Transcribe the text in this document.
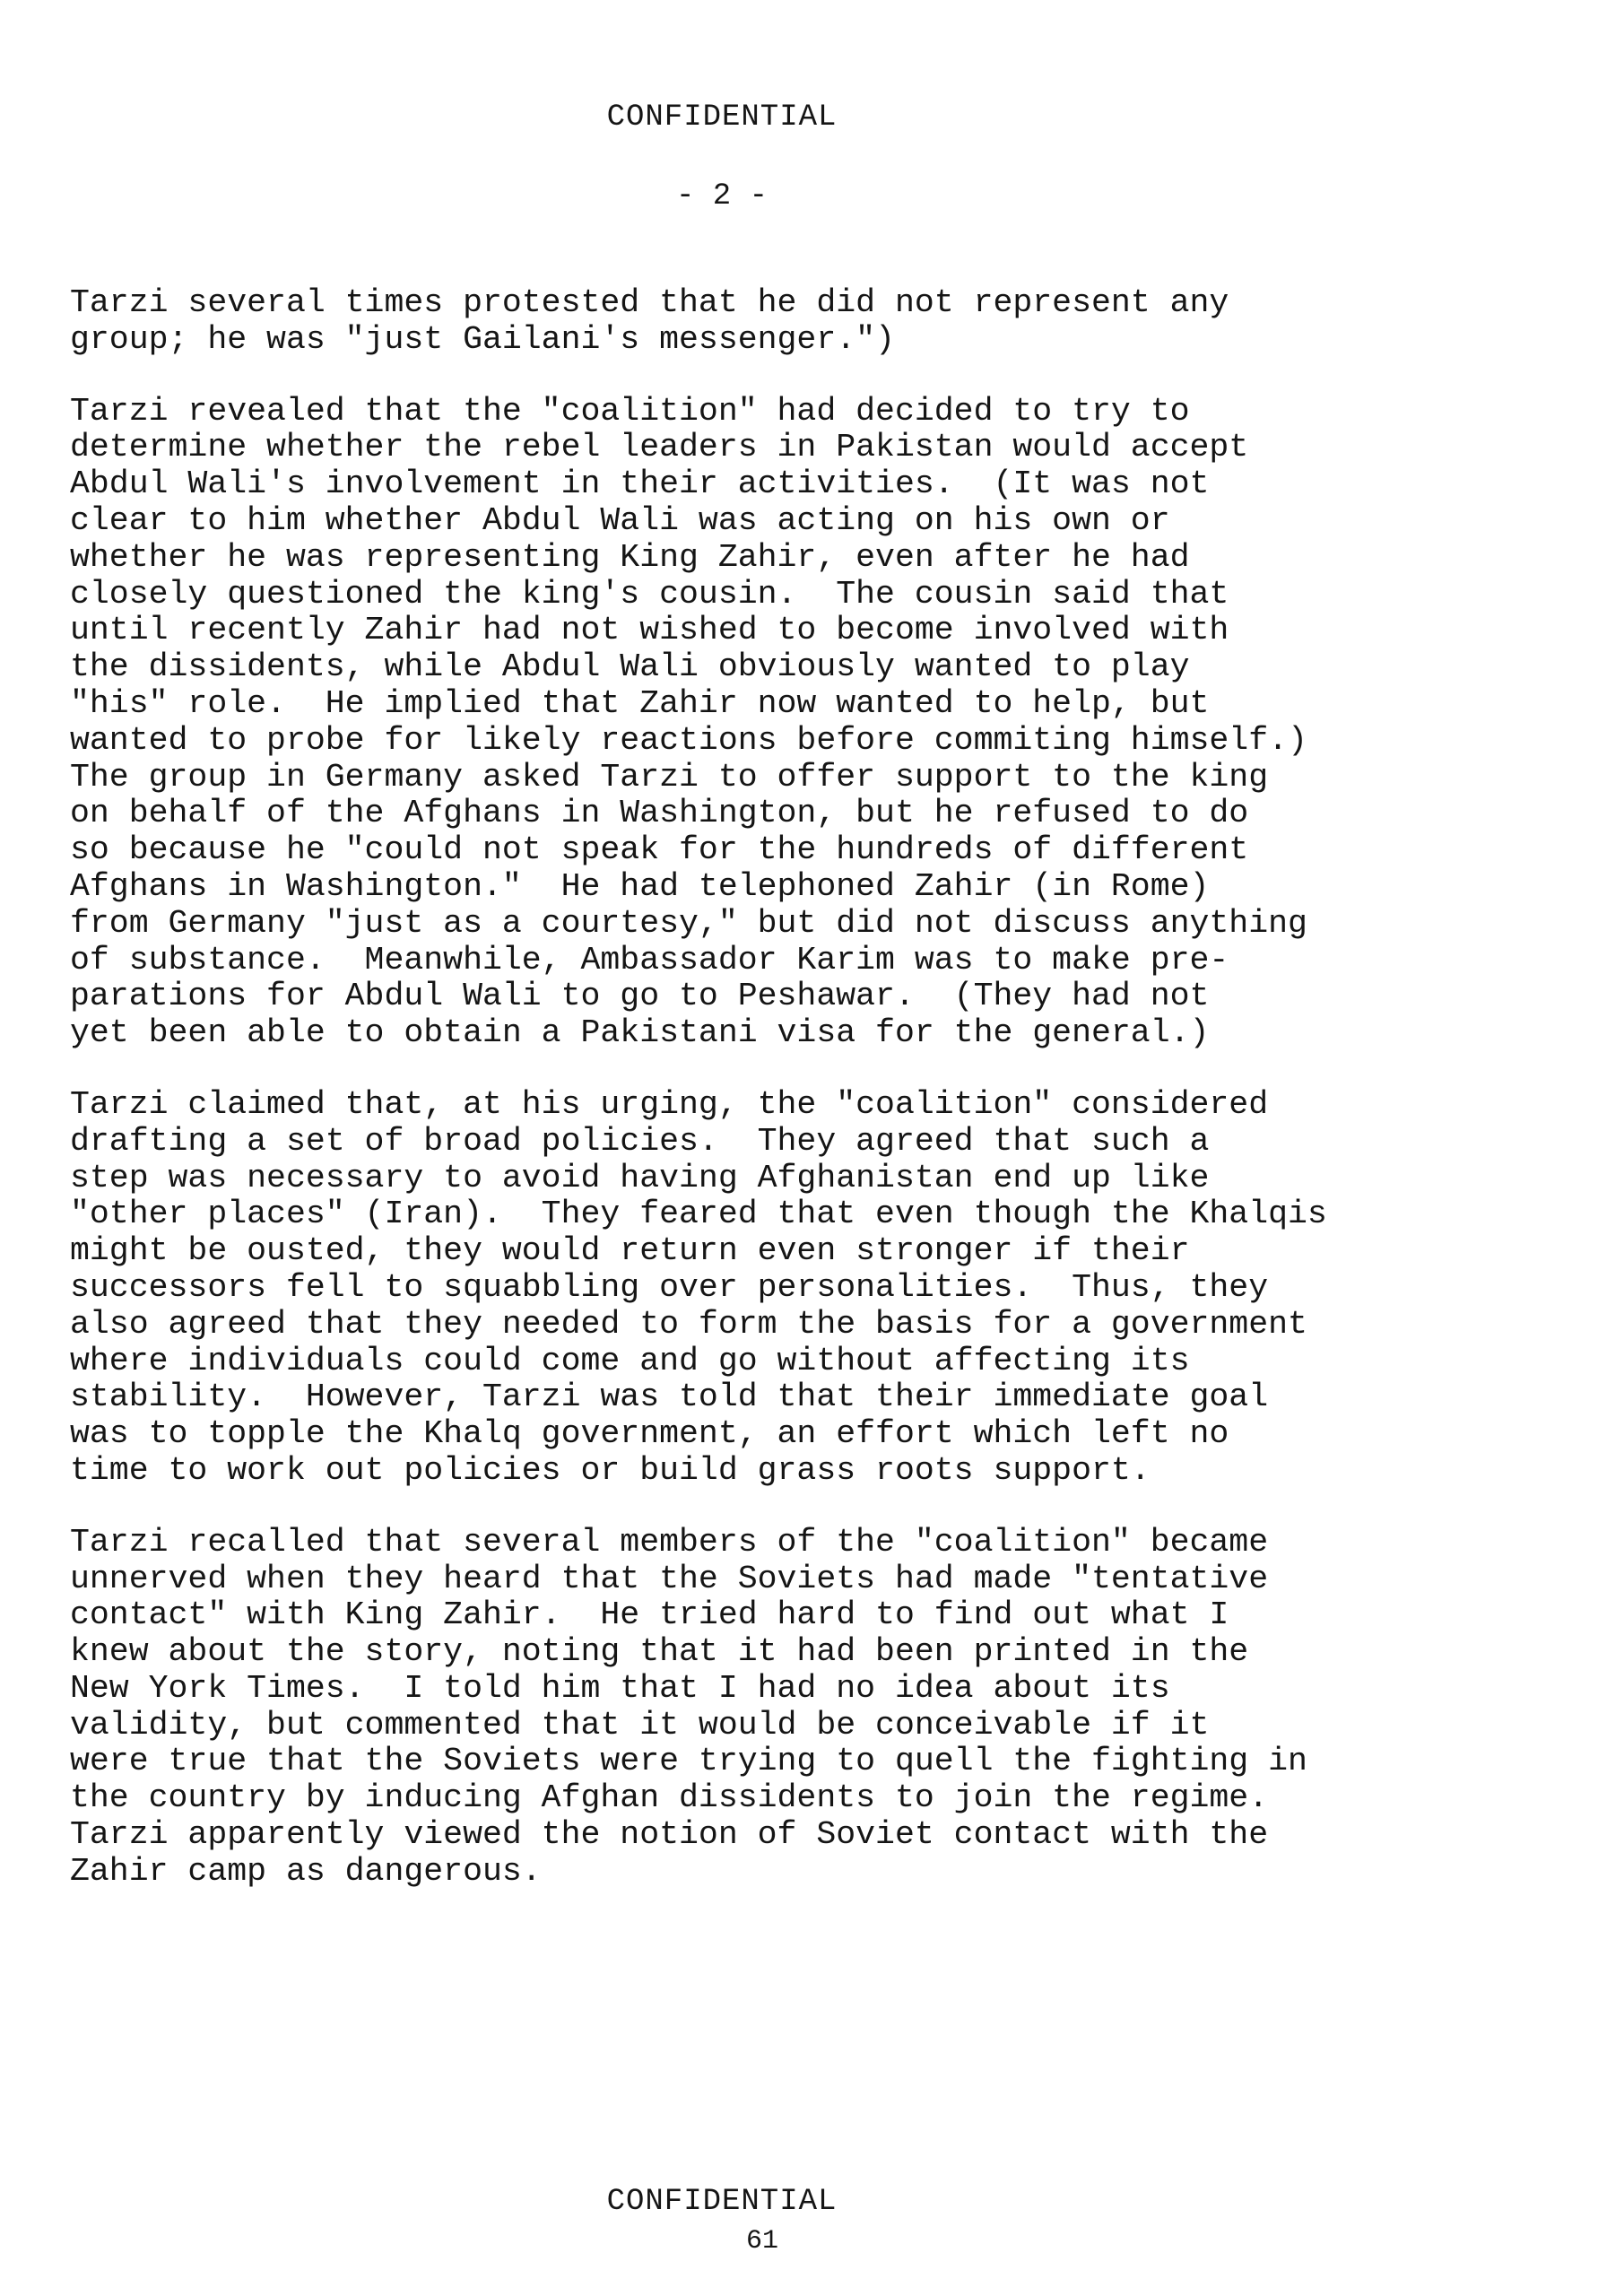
CONFIDENTIAL
- 2 -
Tarzi several times protested that he did not represent any
group; he was "just Gailani's messenger.")
Tarzi revealed that the "coalition" had decided to try to
determine whether the rebel leaders in Pakistan would accept
Abdul Wali's involvement in their activities.  (It was not
clear to him whether Abdul Wali was acting on his own or
whether he was representing King Zahir, even after he had
closely questioned the king's cousin.  The cousin said that
until recently Zahir had not wished to become involved with
the dissidents, while Abdul Wali obviously wanted to play
"his" role.  He implied that Zahir now wanted to help, but
wanted to probe for likely reactions before commiting himself.)
The group in Germany asked Tarzi to offer support to the king
on behalf of the Afghans in Washington, but he refused to do
so because he "could not speak for the hundreds of different
Afghans in Washington."  He had telephoned Zahir (in Rome)
from Germany "just as a courtesy," but did not discuss anything
of substance.  Meanwhile, Ambassador Karim was to make pre-
parations for Abdul Wali to go to Peshawar.  (They had not
yet been able to obtain a Pakistani visa for the general.)
Tarzi claimed that, at his urging, the "coalition" considered
drafting a set of broad policies.  They agreed that such a
step was necessary to avoid having Afghanistan end up like
"other places" (Iran).  They feared that even though the Khalqis
might be ousted, they would return even stronger if their
successors fell to squabbling over personalities.  Thus, they
also agreed that they needed to form the basis for a government
where individuals could come and go without affecting its
stability.  However, Tarzi was told that their immediate goal
was to topple the Khalq government, an effort which left no
time to work out policies or build grass roots support.
Tarzi recalled that several members of the "coalition" became
unnerved when they heard that the Soviets had made "tentative
contact" with King Zahir.  He tried hard to find out what I
knew about the story, noting that it had been printed in the
New York Times.  I told him that I had no idea about its
validity, but commented that it would be conceivable if it
were true that the Soviets were trying to quell the fighting in
the country by inducing Afghan dissidents to join the regime.
Tarzi apparently viewed the notion of Soviet contact with the
Zahir camp as dangerous.
CONFIDENTIAL
61
